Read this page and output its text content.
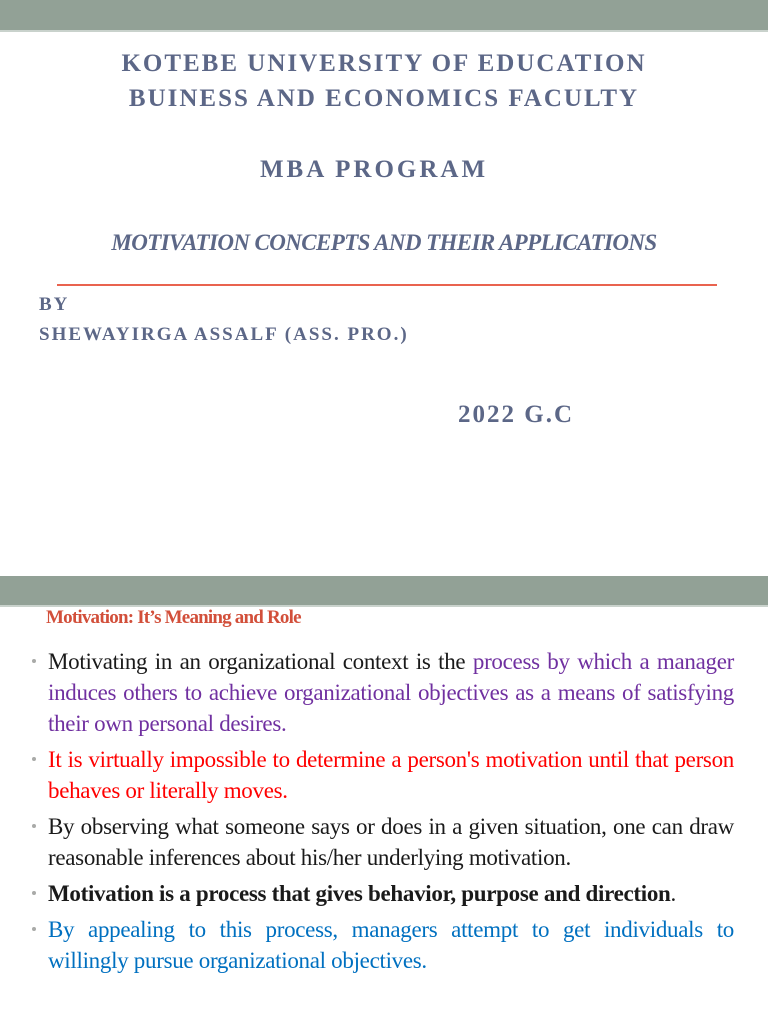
KOTEBE UNIVERSITY OF EDUCATION
BUINESS AND ECONOMICS FACULTY
MBA PROGRAM
MOTIVATION CONCEPTS AND THEIR APPLICATIONS
BY
SHEWAYIRGA ASSALF (ASS. PRO.)
2022 G.C
Motivation: It’s Meaning and Role
Motivating in an organizational context is the process by which a manager induces others to achieve organizational objectives as a means of satisfying their own personal desires.
It is virtually impossible to determine a person's motivation until that person behaves or literally moves.
By observing what someone says or does in a given situation, one can draw reasonable inferences about his/her underlying motivation.
Motivation is a process that gives behavior, purpose and direction.
By appealing to this process, managers attempt to get individuals to willingly pursue organizational objectives.
